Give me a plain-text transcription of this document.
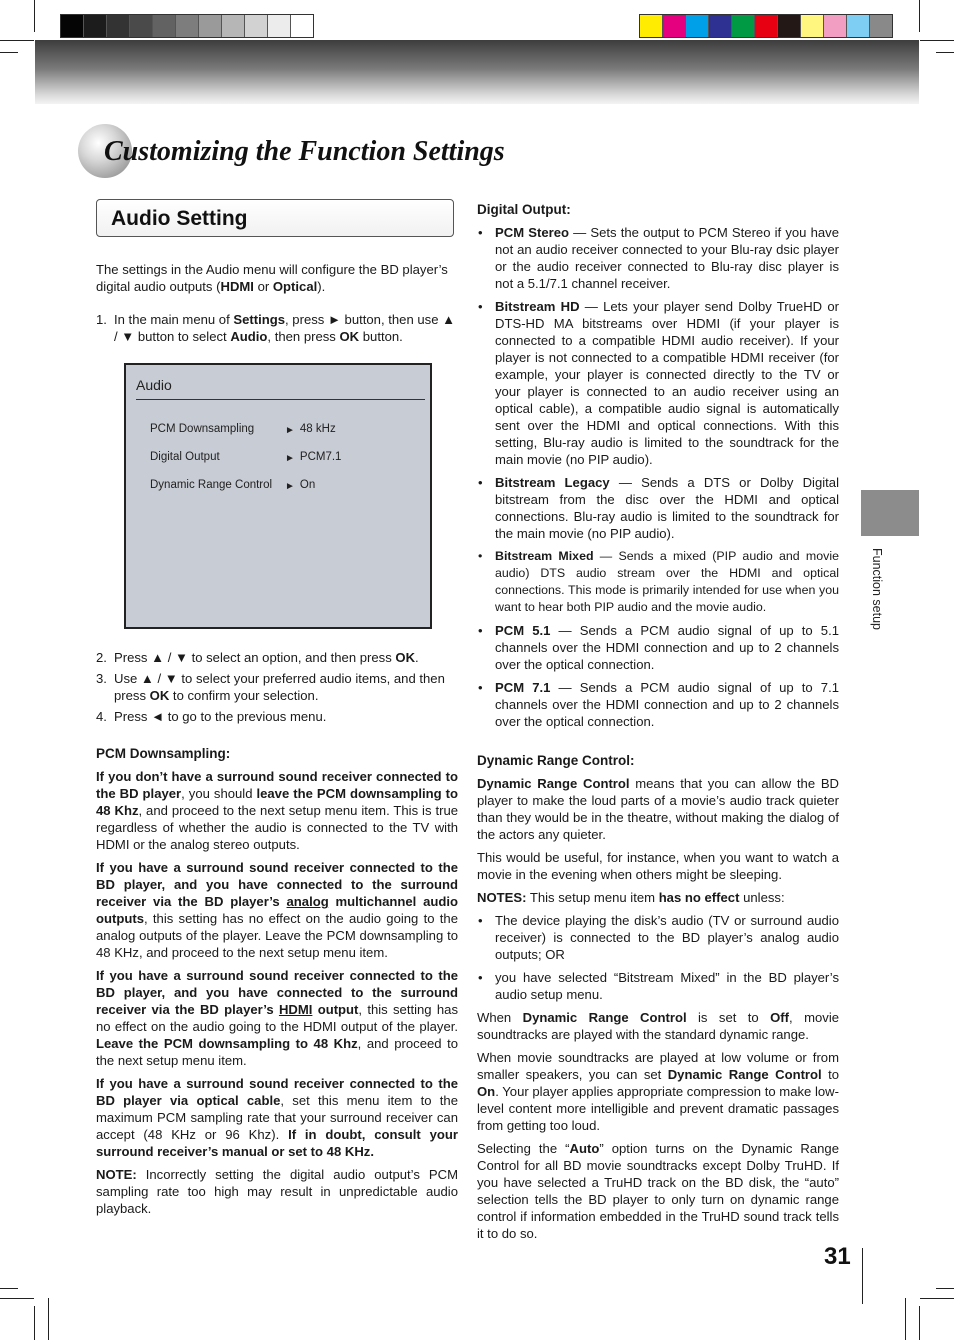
Customizing the Function Settings
Audio Setting

The settings in the Audio menu will configure the BD player’s digital audio outputs (HDMI or Optical).

1. In the main menu of Settings, press ► button, then use ▲ / ▼ button to select Audio, then press OK button.
Audio
PCM Downsampling	► 48 kHz
Digital Output	► PCM7.1
Dynamic Range Control	► On
2. Press ▲ / ▼ to select an option, and then press OK.
3. Use ▲ / ▼ to select your preferred audio items, and then press OK to confirm your selection.
4. Press ◄ to go to the previous menu.
PCM Downsampling:

If you don’t have a surround sound receiver connected to the BD player, you should leave the PCM downsampling to 48 Khz, and proceed to the next setup menu item. This is true regardless of whether the audio is connected to the TV with HDMI or the analog stereo outputs.

If you have a surround sound receiver connected to the BD player, and you have connected to the surround receiver via the BD player’s analog multichannel audio outputs, this setting has no effect on the audio going to the analog outputs of the player. Leave the PCM downsampling to 48 KHz, and proceed to the next setup menu item.

If you have a surround sound receiver connected to the BD player, and you have connected to the surround receiver via the BD player’s HDMI output, this setting has no effect on the audio going to the HDMI output of the player. Leave the PCM downsampling to 48 Khz, and proceed to the next setup menu item.

If you have a surround sound receiver connected to the BD player via optical cable, set this menu item to the maximum PCM sampling rate that your surround receiver can accept (48 KHz or 96 Khz). If in doubt, consult your surround receiver’s manual or set to 48 KHz.

NOTE: Incorrectly setting the digital audio output’s PCM sampling rate too high may result in unpredictable audio playback.

Digital Output:
• PCM Stereo — Sets the output to PCM Stereo if you have not an audio receiver connected to your Blu-ray dsic player or the audio receiver connected to Blu-ray disc player is not a 5.1/7.1 channel receiver.
• Bitstream HD — Lets your player send Dolby TrueHD or DTS-HD MA bitstreams over HDMI (if your player is connected to a compatible HDMI audio receiver). If your player is not connected to a compatible HDMI receiver (for example, your player is connected directly to the TV or your player is connected to an audio receiver using an optical cable), a compatible audio signal is automatically sent over the HDMI and optical connections. With this setting, Blu-ray audio is limited to the soundtrack for the main movie (no PIP audio).
• Bitstream Legacy — Sends a DTS or Dolby Digital bitstream from the disc over the HDMI and optical connections. Blu-ray audio is limited to the soundtrack for the main movie (no PIP audio).
• Bitstream Mixed — Sends a mixed (PIP audio and movie audio) DTS audio stream over the HDMI and optical connections. This mode is primarily intended for use when you want to hear both PIP audio and the movie audio.
• PCM 5.1 — Sends a PCM audio signal of up to 5.1 channels over the HDMI connection and up to 2 channels over the optical connection.
• PCM 7.1 — Sends a PCM audio signal of up to 7.1 channels over the HDMI connection and up to 2 channels over the optical connection.
Dynamic Range Control:

Dynamic Range Control means that you can allow the BD player to make the loud parts of a movie’s audio track quieter than they would be in the theatre, without making the dialog of the actors any quieter.

This would be useful, for instance, when you want to watch a movie in the evening when others might be sleeping.

NOTES: This setup menu item has no effect unless:

• The device playing the disk’s audio (TV or surround audio receiver) is connected to the BD player’s analog audio outputs; OR
• you have selected “Bitstream Mixed” in the BD player’s audio setup menu.

When Dynamic Range Control is set to Off, movie soundtracks are played with the standard dynamic range.

When movie soundtracks are played at low volume or from smaller speakers, you can set Dynamic Range Control to On. Your player applies appropriate compression to make low-level content more intelligible and prevent dramatic passages from getting too loud.

Selecting the “Auto” option turns on the Dynamic Range Control for all BD movie soundtracks except Dolby TruHD. If you have selected a TruHD track on the BD disk, the “auto” selection tells the BD player to only turn on dynamic range control if information embedded in the TruHD sound track tells it to do so.

Function setup
31
